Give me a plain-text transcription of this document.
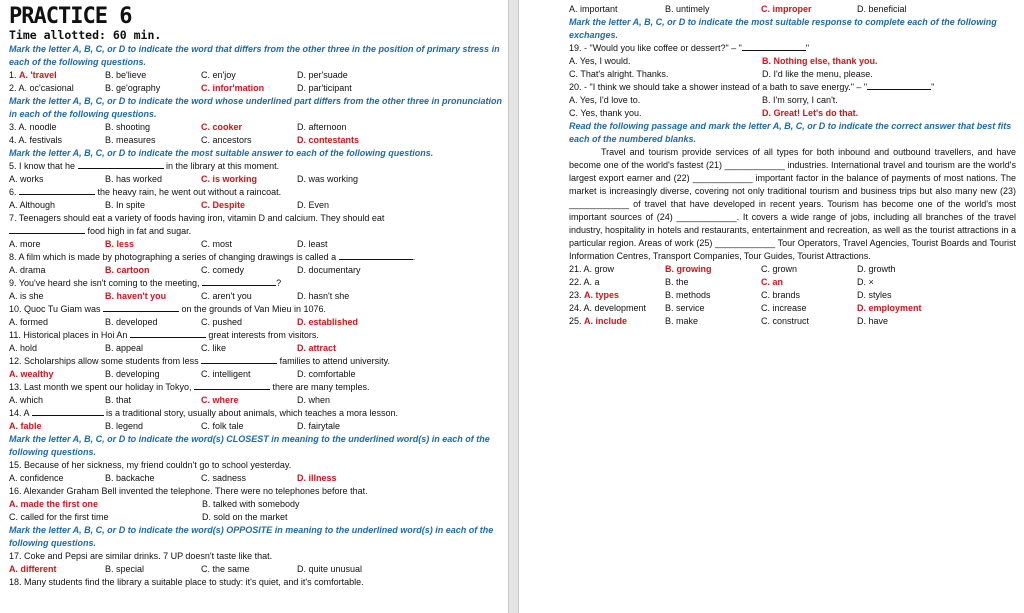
PRACTICE 6
Time allotted: 60 min.
Mark the letter A, B, C, or D to indicate the word that differs from the other three in the position of primary stress in each of the following questions.
1. A. 'travel	B. be'lieve	C. en'joy	D. per'suade
2. A. oc'casional	B. ge'ography	C. infor'mation	D. par'ticipant
Mark the letter A, B, C, or D to indicate the word whose underlined part differs from the other three in pronunciation in each of the following questions.
3. A. noodle	B. shooting	C. cooker	D. afternoon
4. A. festivals	B. measures	C. ancestors	D. contestants
Mark the letter A, B, C, or D to indicate the most suitable answer to each of the following questions.
5. I know that he	in the library at this moment.
A. works	B. has worked	C. is working	D. was working
6.	the heavy rain, he went out without a raincoat.
A. Although	B. In spite	C. Despite	D. Even
7. Teenagers should eat a variety of foods having iron, vitamin D and calcium. They should eat
food high in fat and sugar.
A. more	B. less	C. most	D. least
8. A film which is made by photographing a series of changing drawings is called a	.
A. drama	B. cartoon	C. comedy	D. documentary
9. You've heard she isn't coming to the meeting,	?
A. is she	B. haven't you	C. aren't you	D. hasn't she
10. Quoc Tu Giam was	on the grounds of Van Mieu in 1076.
A. formed	B. developed	C. pushed	D. established
11. Historical places in Hoi An	great interests from visitors.
A. hold	B. appeal	C. like	D. attract
12. Scholarships allow some students from less	families to attend university.
A. wealthy	B. developing	C. intelligent	D. comfortable
13. Last month we spent our holiday in Tokyo,	there are many temples.
A. which	B. that	C. where	D. when
14. A	is a traditional story, usually about animals, which teaches a mora lesson.
A. fable	B. legend	C. folk tale	D. fairytale
Mark the letter A, B, C, or D to indicate the word(s) CLOSEST in meaning to the underlined word(s) in each of the following questions.
15. Because of her sickness, my friend couldn't go to school yesterday.
A. confidence	B. backache	C. sadness	D. illness
16. Alexander Graham Bell invented the telephone. There were no telephones before that.
A. made the first one	B. talked with somebody
C. called for the first time	D. sold on the market
Mark the letter A, B, C, or D to indicate the word(s) OPPOSITE in meaning to the underlined word(s) in each of the following questions.
17. Coke and Pepsi are similar drinks. 7 UP doesn't taste like that.
A. different	B. special	C. the same	D. quite unusual
18. Many students find the library a suitable place to study: it's quiet, and it's comfortable.
A. important	B. untimely	C. improper	D. beneficial
Mark the letter A, B, C, or D to indicate the most suitable response to complete each of the following exchanges.
19. - "Would you like coffee or dessert?" – "	"
A. Yes, I would.	B. Nothing else, thank you.
C. That's alright. Thanks.	D. I'd like the menu, please.
20. - "I think we should take a shower instead of a bath to save energy." – "	"
A. Yes, I'd love to.	B. I'm sorry, I can't.
C. Yes, thank you.	D. Great! Let's do that.
Read the following passage and mark the letter A, B, C, or D to indicate the correct answer that best fits each of the numbered blanks.
Travel and tourism provide services of all types for both inbound and outbound travellers, and have become one of the world's fastest (21) ____________ industries. International travel and tourism are the world's largest export earner and (22) ____________ important factor in the balance of payments of most nations. The market is increasingly diverse, covering not only traditional tourism and business trips but also many new (23) ____________ of travel that have developed in recent years. Tourism has become one of the world's most important sources of (24) ____________. It covers a wide range of jobs, including all branches of the travel industry, hospitality in hotels and restaurants, entertainment and recreation, as well as the tourist attractions in a particular region. Areas of work (25) ____________ Tour Operators, Travel Agencies, Tourist Boards and Tourist Information Centres, Transport Companies, Tour Guides, Tourist Attractions.
21. A. grow	B. growing	C. grown	D. growth
22. A. a	B. the	C. an	D. ×
23. A. types	B. methods	C. brands	D. styles
24. A. development	B. service	C. increase	D. employment
25. A. include	B. make	C. construct	D. have
